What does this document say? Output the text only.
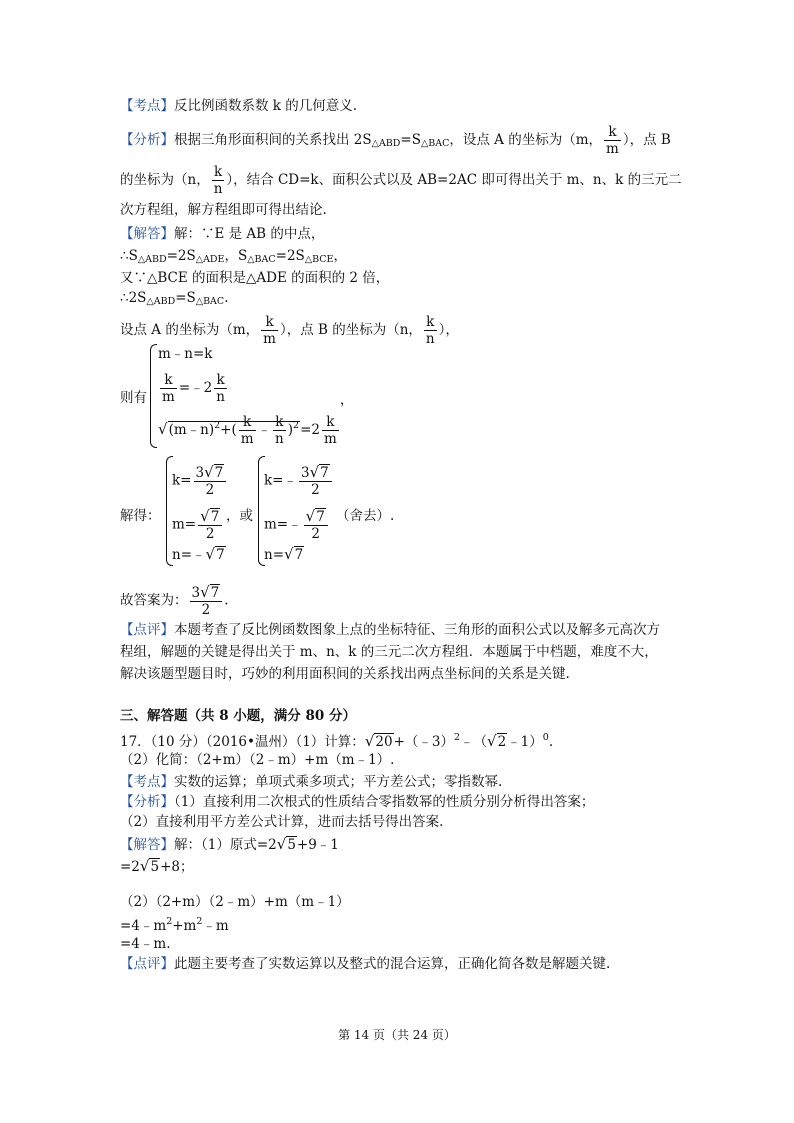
【考点】反比例函数系数 k 的几何意义.
【分析】根据三角形面积间的关系找出 $2S_{\triangle ABD}=S_{\triangle BAC}$，设点 A 的坐标为（m， $\frac{k}{m}$ ），点 B
的坐标为（n， $\frac{k}{n}$ ），结合 CD=k、面积公式以及 AB=2AC 即可得出关于 m、n、k 的三元二
次方程组，解方程组即可得出结论.
【解答】解：∵E 是 AB 的中点，
$\therefore S_{\triangle ABD}=2S_{\triangle ADE}$，$S_{\triangle BAC}=2S_{\triangle BCE}$，
又∵△BCE 的面积是△ADE 的面积的 2 倍，
$\therefore 2S_{\triangle ABD}=S_{\triangle BAC}$.
设点 A 的坐标为（m， $\frac{k}{m}$ ），点 B 的坐标为（n， $\frac{k}{n}$ ），
则有
m﹣n=k
$\frac{k}{m}$ =﹣2 $\frac{k}{n}$
√(m﹣n)$^2$+( $\frac{k}{m}$ ﹣ $\frac{k}{n} )^2=2 \frac{k}{m}$
，
解得：
$k= \frac{3√7}{2}$
$m= \frac{√7}{2}$
n=﹣√7
，或
k=﹣ $\frac{3√7}{2}$
m=﹣ $\frac{√7}{2}$
n=√7
（舍去）.
故答案为： $\frac{3√7}{2}$ .
【点评】本题考查了反比例函数图象上点的坐标特征、三角形的面积公式以及解多元高次方
程组，解题的关键是得出关于 m、n、k 的三元二次方程组．本题属于中档题，难度不大，
解决该题型题目时，巧妙的利用面积间的关系找出两点坐标间的关系是关键.
三、解答题（共 8 小题，满分 80 分）
17．（10 分）（2016•温州）（1）计算：√20+（﹣3）$^2$﹣（√2﹣1）$^0$.
（2）化简：（2+m）（2﹣m）+m（m﹣1）.
【考点】实数的运算；单项式乘多项式；平方差公式；零指数幂.
【分析】（1）直接利用二次根式的性质结合零指数幂的性质分别分析得出答案；
（2）直接利用平方差公式计算，进而去括号得出答案.
【解答】解：（1）原式=2√5+9﹣1
=2√5+8；
（2）（2+m）（2﹣m）+m（m﹣1）
$=4﹣m^2+m^2﹣m$
=4﹣m.
【点评】此题主要考查了实数运算以及整式的混合运算，正确化简各数是解题关键.
第 14 页（共 24 页）
